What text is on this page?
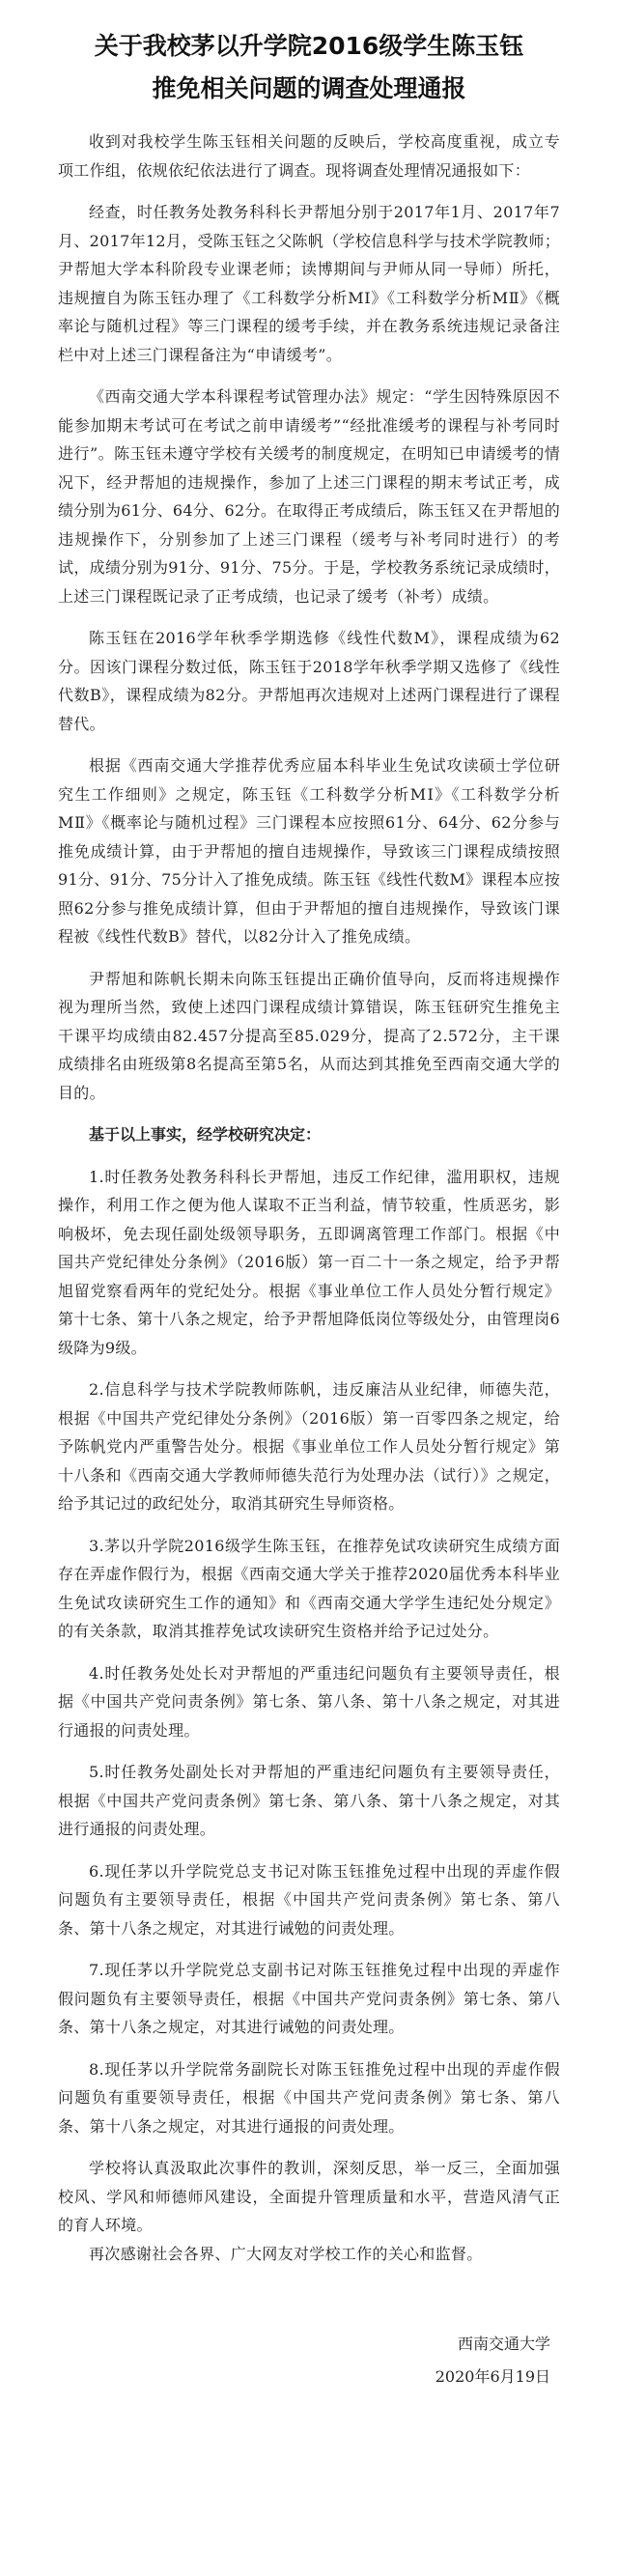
关于我校茅以升学院2016级学生陈玉钰

推免相关问题的调查处理通报

收到对我校学生陈玉钰相关问题的反映后，学校高度重视，成立专项工作组，依规依纪依法进行了调查。现将调查处理情况通报如下：

经查，时任教务处教务科科长尹帮旭分别于2017年1月、2017年7月、2017年12月，受陈玉钰之父陈帆（学校信息科学与技术学院教师；尹帮旭大学本科阶段专业课老师；读博期间与尹师从同一导师）所托，违规擅自为陈玉钰办理了《工科数学分析MⅠ》《工科数学分析MⅡ》《概率论与随机过程》等三门课程的缓考手续，并在教务系统违规记录备注栏中对上述三门课程备注为“申请缓考”。

《西南交通大学本科课程考试管理办法》规定：“学生因特殊原因不能参加期末考试可在考试之前申请缓考”“经批准缓考的课程与补考同时进行”。陈玉钰未遵守学校有关缓考的制度规定，在明知已申请缓考的情况下，经尹帮旭的违规操作，参加了上述三门课程的期末考试正考，成绩分别为61分、64分、62分。在取得正考成绩后，陈玉钰又在尹帮旭的违规操作下，分别参加了上述三门课程（缓考与补考同时进行）的考试，成绩分别为91分、91分、75分。于是，学校教务系统记录成绩时，上述三门课程既记录了正考成绩，也记录了缓考（补考）成绩。

陈玉钰在2016学年秋季学期选修《线性代数M》，课程成绩为62分。因该门课程分数过低，陈玉钰于2018学年秋季学期又选修了《线性代数B》，课程成绩为82分。尹帮旭再次违规对上述两门课程进行了课程替代。

根据《西南交通大学推荐优秀应届本科毕业生免试攻读硕士学位研究生工作细则》之规定，陈玉钰《工科数学分析MⅠ》《工科数学分析MⅡ》《概率论与随机过程》三门课程本应按照61分、64分、62分参与推免成绩计算，由于尹帮旭的擅自违规操作，导致该三门课程成绩按照91分、91分、75分计入了推免成绩。陈玉钰《线性代数M》课程本应按照62分参与推免成绩计算，但由于尹帮旭的擅自违规操作，导致该门课程被《线性代数B》替代，以82分计入了推免成绩。

尹帮旭和陈帆长期未向陈玉钰提出正确价值导向，反而将违规操作视为理所当然，致使上述四门课程成绩计算错误，陈玉钰研究生推免主干课平均成绩由82.457分提高至85.029分，提高了2.572分，主干课成绩排名由班级第8名提高至第5名，从而达到其推免至西南交通大学的目的。

基于以上事实，经学校研究决定：

1.时任教务处教务科科长尹帮旭，违反工作纪律，滥用职权，违规操作，利用工作之便为他人谋取不正当利益，情节较重，性质恶劣，影响极坏，免去现任副处级领导职务，五即调离管理工作部门。根据《中国共产党纪律处分条例》（2016版）第一百二十一条之规定，给予尹帮旭留党察看两年的党纪处分。根据《事业单位工作人员处分暂行规定》第十七条、第十八条之规定，给予尹帮旭降低岗位等级处分，由管理岗6级降为9级。

2.信息科学与技术学院教师陈帆，违反廉洁从业纪律，师德失范，根据《中国共产党纪律处分条例》（2016版）第一百零四条之规定，给予陈帆党内严重警告处分。根据《事业单位工作人员处分暂行规定》第十八条和《西南交通大学教师师德失范行为处理办法（试行）》之规定，给予其记过的政纪处分，取消其研究生导师资格。

3.茅以升学院2016级学生陈玉钰，在推荐免试攻读研究生成绩方面存在弄虚作假行为，根据《西南交通大学关于推荐2020届优秀本科毕业生免试攻读研究生工作的通知》和《西南交通大学学生违纪处分规定》的有关条款，取消其推荐免试攻读研究生资格并给予记过处分。

4.时任教务处处长对尹帮旭的严重违纪问题负有主要领导责任，根据《中国共产党问责条例》第七条、第八条、第十八条之规定，对其进行通报的问责处理。

5.时任教务处副处长对尹帮旭的严重违纪问题负有主要领导责任，根据《中国共产党问责条例》第七条、第八条、第十八条之规定，对其进行通报的问责处理。

6.现任茅以升学院党总支书记对陈玉钰推免过程中出现的弄虚作假问题负有主要领导责任，根据《中国共产党问责条例》第七条、第八条、第十八条之规定，对其进行诫勉的问责处理。

7.现任茅以升学院党总支副书记对陈玉钰推免过程中出现的弄虚作假问题负有主要领导责任，根据《中国共产党问责条例》第七条、第八条、第十八条之规定，对其进行诫勉的问责处理。

8.现任茅以升学院常务副院长对陈玉钰推免过程中出现的弄虚作假问题负有重要领导责任，根据《中国共产党问责条例》第七条、第八条、第十八条之规定，对其进行通报的问责处理。

学校将认真汲取此次事件的教训，深刻反思，举一反三，全面加强校风、学风和师德师风建设，全面提升管理质量和水平，营造风清气正的育人环境。

再次感谢社会各界、广大网友对学校工作的关心和监督。

西南交通大学

2020年6月19日
